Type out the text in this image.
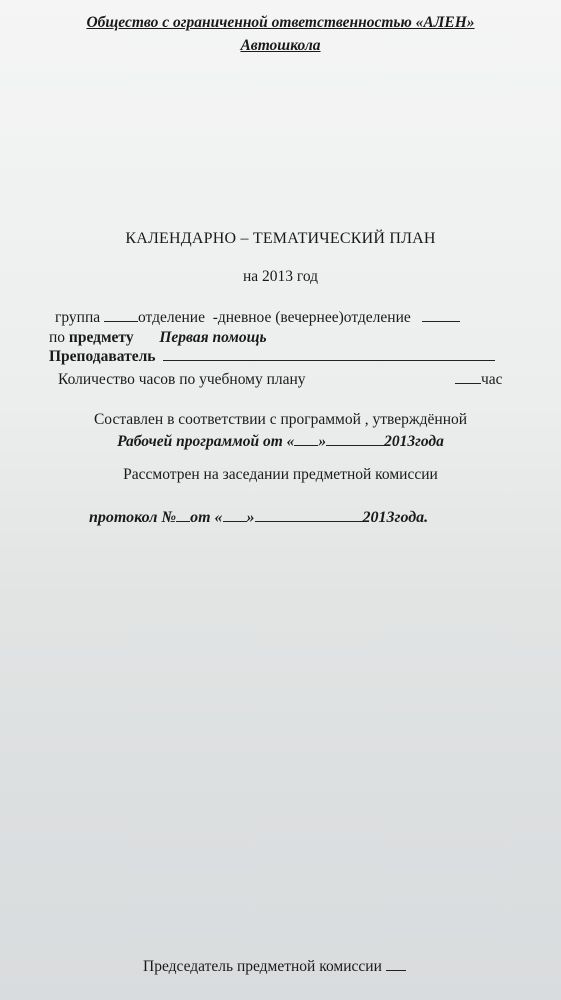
Общество с ограниченной ответственностью «АЛЕН»
Автошкола
КАЛЕНДАРНО – ТЕМАТИЧЕСКИЙ ПЛАН
на 2013 год
группа отделение -дневное (вечернее)отделение
по предмету Первая помощь
Преподаватель
Количество часов по учебному плану	час
Составлен в соответствии с программой , утверждённой
Рабочей программой от « »	2013года
Рассмотрен на заседании предметной комиссии
протокол № от « »	2013года.
Председатель предметной комиссии
